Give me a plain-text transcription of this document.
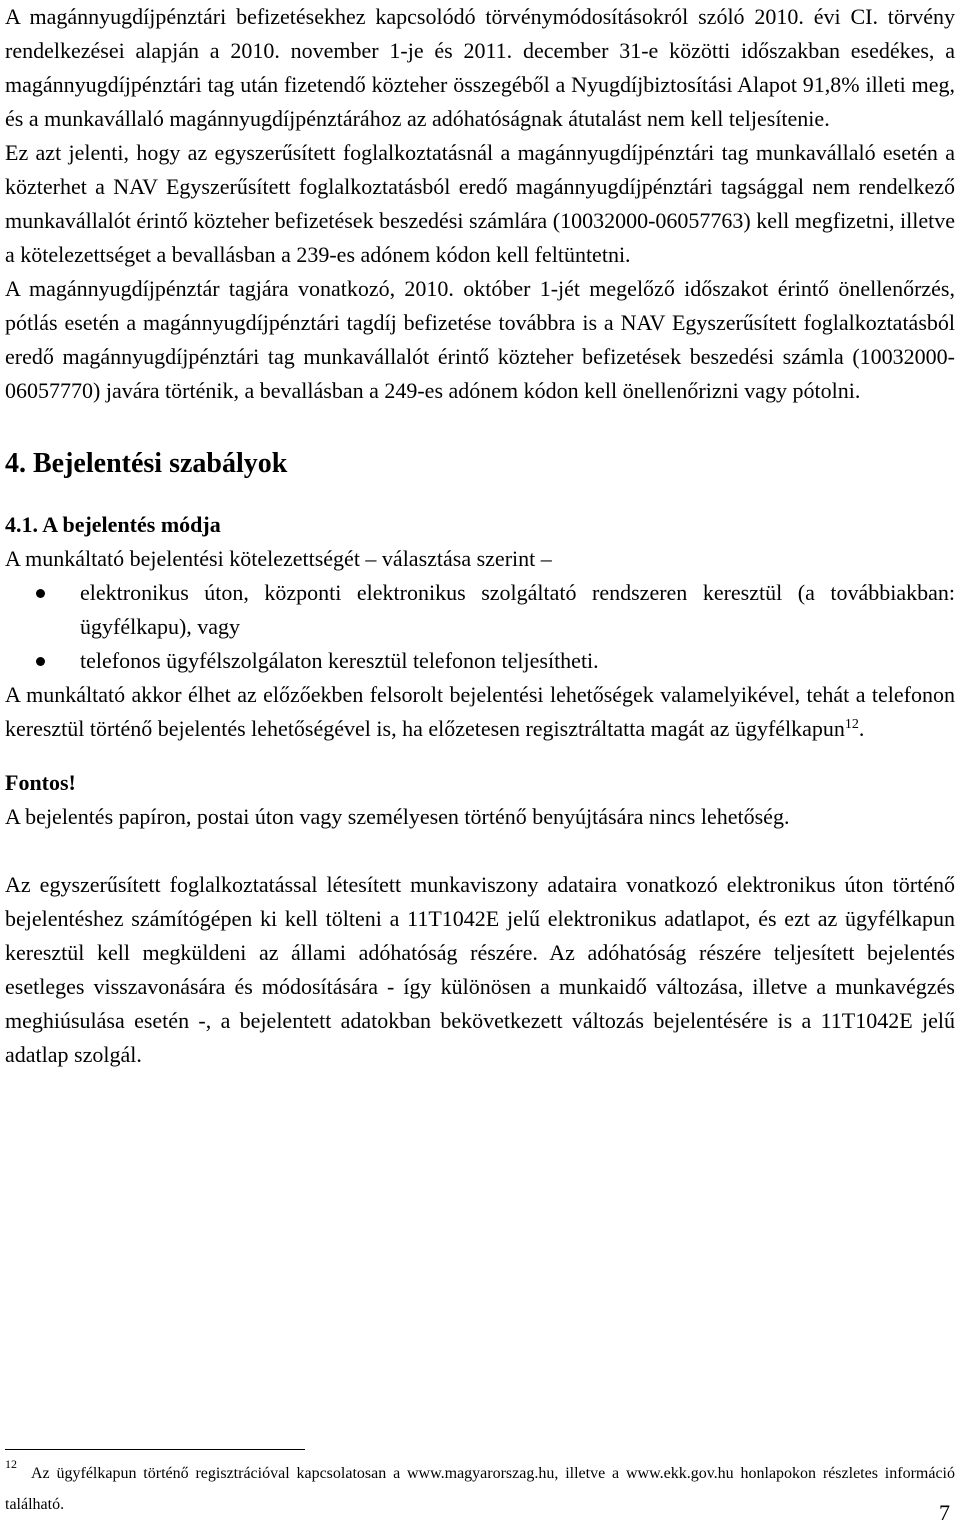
A magánnyugdíjpénztári befizetésekhez kapcsolódó törvénymódosításokról szóló 2010. évi CI. törvény rendelkezései alapján a 2010. november 1-je és 2011. december 31-e közötti időszakban esedékes, a magánnyugdíjpénztári tag után fizetendő közteher összegéből a Nyugdíjbiztosítási Alapot 91,8% illeti meg, és a munkavállaló magánnyugdíjpénztárához az adóhatóságnak átutalást nem kell teljesítenie.

Ez azt jelenti, hogy az egyszerűsített foglalkoztatásnál a magánnyugdíjpénztári tag munkavállaló esetén a közterhet a NAV Egyszerűsített foglalkoztatásból eredő magánnyugdíjpénztári tagsággal nem rendelkező munkavállalót érintő közteher befizetések beszedési számlára (10032000-06057763) kell megfizetni, illetve a kötelezettséget a bevallásban a 239-es adónem kódon kell feltüntetni.

A magánnyugdíjpénztár tagjára vonatkozó, 2010. október 1-jét megelőző időszakot érintő önellenőrzés, pótlás esetén a magánnyugdíjpénztári tagdíj befizetése továbbra is a NAV Egyszerűsített foglalkoztatásból eredő magánnyugdíjpénztári tag munkavállalót érintő közteher befizetések beszedési számla (10032000-06057770) javára történik, a bevallásban a 249-es adónem kódon kell önellenőrizni vagy pótolni.

4. Bejelentési szabályok
4.1. A bejelentés módja

A munkáltató bejelentési kötelezettségét – választása szerint –

elektronikus úton, központi elektronikus szolgáltató rendszeren keresztül (a továbbiakban: ügyfélkapu), vagy
telefonos ügyfélszolgálaton keresztül telefonon teljesítheti.

A munkáltató akkor élhet az előzőekben felsorolt bejelentési lehetőségek valamelyikével, tehát a telefonon keresztül történő bejelentés lehetőségével is, ha előzetesen regisztráltatta magát az ügyfélkapun$^{12}$.

Fontos!

A bejelentés papíron, postai úton vagy személyesen történő benyújtására nincs lehetőség.

Az egyszerűsített foglalkoztatással létesített munkaviszony adataira vonatkozó elektronikus úton történő bejelentéshez számítógépen ki kell tölteni a 11T1042E jelű elektronikus adatlapot, és ezt az ügyfélkapun keresztül kell megküldeni az állami adóhatóság részére. Az adóhatóság részére teljesített bejelentés esetleges visszavonására és módosítására - így különösen a munkaidő változása, illetve a munkavégzés meghiúsulása esetén -, a bejelentett adatokban bekövetkezett változás bejelentésére is a 11T1042E jelű adatlap szolgál.

$^{12}$Az ügyfélkapun történő regisztrációval kapcsolatosan a www.magyarorszag.hu, illetve a www.ekk.gov.hu honlapokon részletes információ található.	7
